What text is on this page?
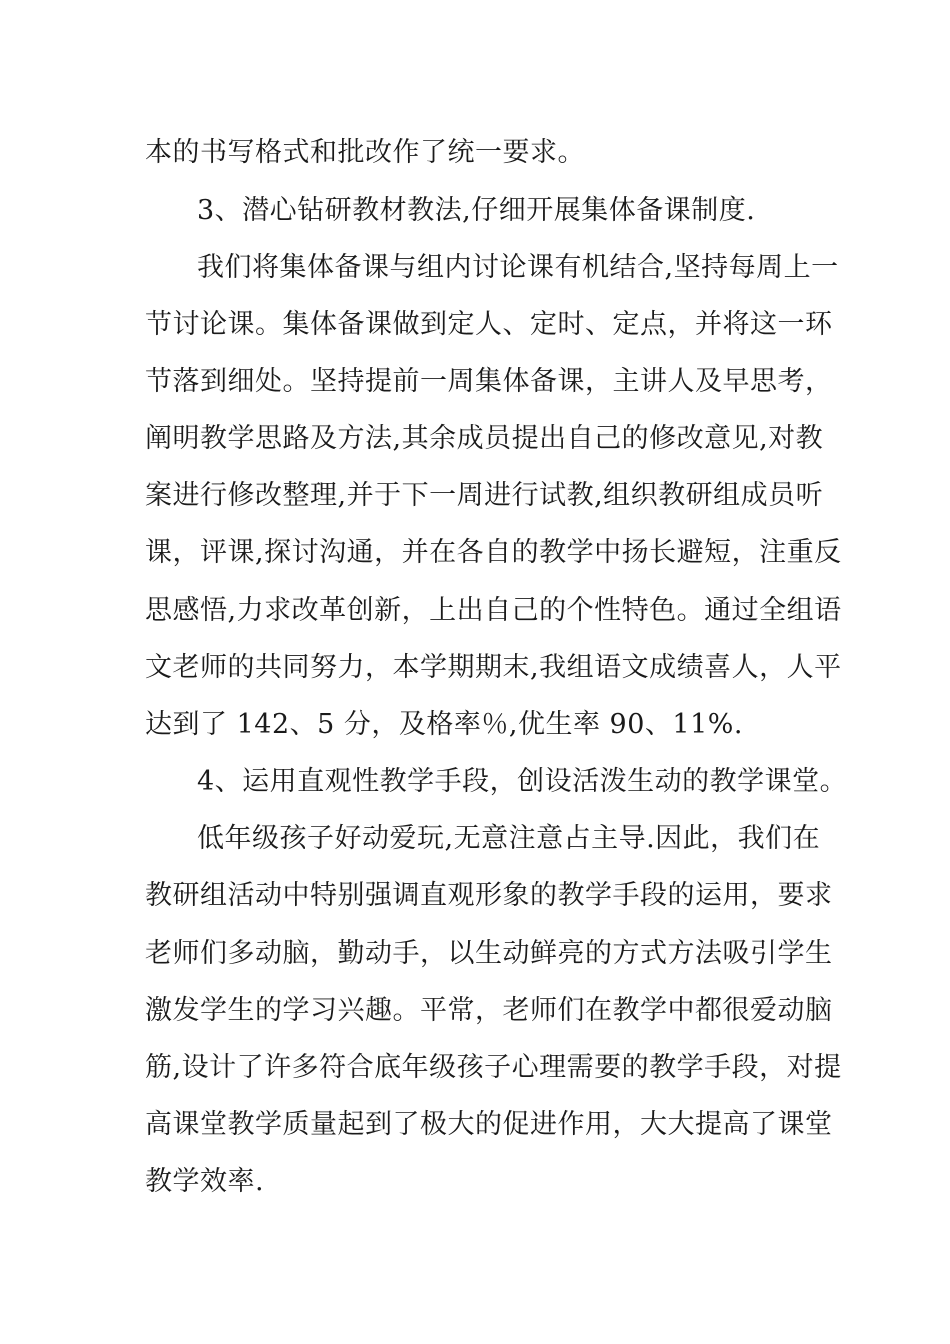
本的书写格式和批改作了统一要求。
3、潜心钻研教材教法,仔细开展集体备课制度.
我们将集体备课与组内讨论课有机结合,坚持每周上一
节讨论课。集体备课做到定人、定时、定点，并将这一环
节落到细处。坚持提前一周集体备课，主讲人及早思考，
阐明教学思路及方法,其余成员提出自己的修改意见,对教
案进行修改整理,并于下一周进行试教,组织教研组成员听
课，评课,探讨沟通，并在各自的教学中扬长避短，注重反
思感悟,力求改革创新，上出自己的个性特色。通过全组语
文老师的共同努力，本学期期末,我组语文成绩喜人，人平
达到了 142、5 分，及格率％,优生率 90、11%.
4、运用直观性教学手段，创设活泼生动的教学课堂。
低年级孩子好动爱玩,无意注意占主导.因此，我们在
教研组活动中特别强调直观形象的教学手段的运用，要求
老师们多动脑，勤动手，以生动鲜亮的方式方法吸引学生
激发学生的学习兴趣。平常，老师们在教学中都很爱动脑
筋,设计了许多符合底年级孩子心理需要的教学手段，对提
高课堂教学质量起到了极大的促进作用，大大提高了课堂
教学效率.
